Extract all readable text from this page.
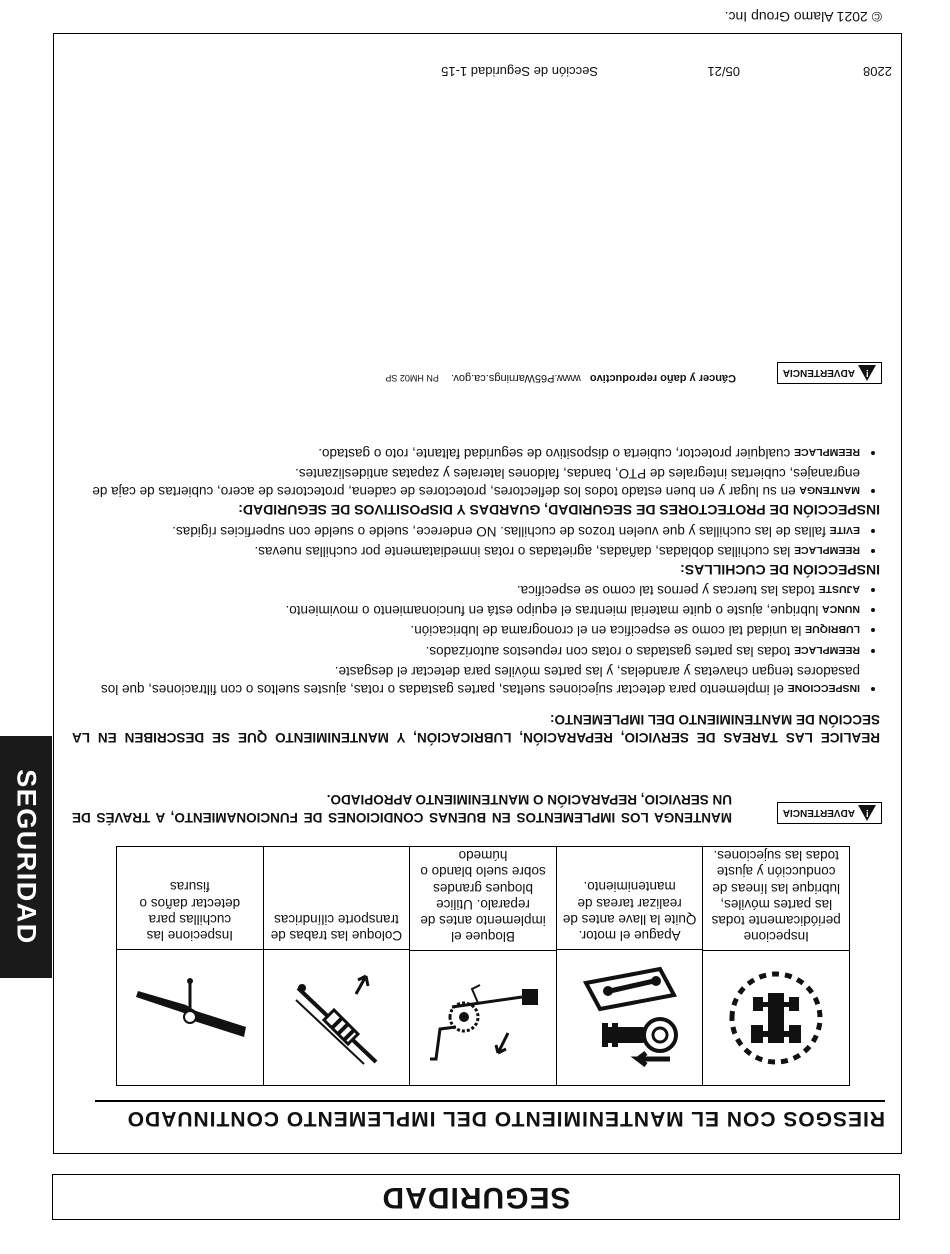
© 2021 Alamo Group Inc.
SEGURIDAD
SEGURIDAD
RIESGOS CON EL MANTENIMIENTO DEL IMPLEMENTO CONTINUADO
Inspecione periódicamente todas las partes móviles, lubrique las líneas de conducción y ajuste todas las sujeciones.
Apague el motor. Quite la llave antes de realizar tareas de mantenimiento.
Bloquee el implemento antes de reparalo. Utilice bloques grandes sobre suelo blando o húmedo
Coloque las trabas de transporte cilíndricas
Inspecione las cuchillas para detectar daños o fisuras
!
ADVERTENCIA
MANTENGA LOS IMPLEMENTOS EN BUENAS CONDICIONES DE FUNCIONAMIENTO, A TRAVÉS DE UN SERVICIO, REPARACIÓN O MANTENIMIENTO APROPIADO.
REALICE LAS TAREAS DE SERVICIO, REPARACIÓN, LUBRICACIÓN, Y MANTENIMIENTO QUE SE DESCRIBEN EN LA SECCIÓN DE MANTENIMIENTO DEL IMPLEMENTO:
• INSPECCIONE el implemento para detectar sujeciones sueltas, partes gastadas o rotas, ajustes sueltos o con filtraciones, que los pasadores tengan chavetas y arandelas, y las partes móviles para detectar el desgaste.
• REEMPLACE todas las partes gastadas o rotas con repuestos autorizados.
• LUBRIQUE la unidad tal como se especifica en el cronograma de lubricación.
• NUNCA lubrique, ajuste o quite material mientras el equipo está en funcionamiento o movimiento.
• AJUSTE todas las tuercas y pernos tal como se especifica.
INSPECCIÓN DE CUCHILLAS:
• REEMPLACE las cuchillas dobladas, dañadas, agrietadas o rotas inmediatamente por cuchillas nuevas.
• EVITE fallas de las cuchillas y que vuelen trozos de cuchillas. NO enderece, suelde o suelde con superficies rígidas.
INSPECCIÓN DE PROTECTORES DE SEGURIDAD, GUARDAS Y DISPOSITIVOS DE SEGURIDAD:
• MANTENGA en su lugar y en buen estado todos los deflectores, protectores de cadena, protectores de acero, cubiertas de caja de engranajes, cubiertas integrales de PTO, bandas, faldones laterales y zapatas antideslizantes.
• REEMPLACE cualquier protector, cubierta o dispositivo de seguridad faltante, roto o gastado.
!
ADVERTENCIA
Cáncer y daño reproductivo   www.P65Warnings.ca.gov.    PN HM02 SP
2208
05/21
Sección de Seguridad 1-15
